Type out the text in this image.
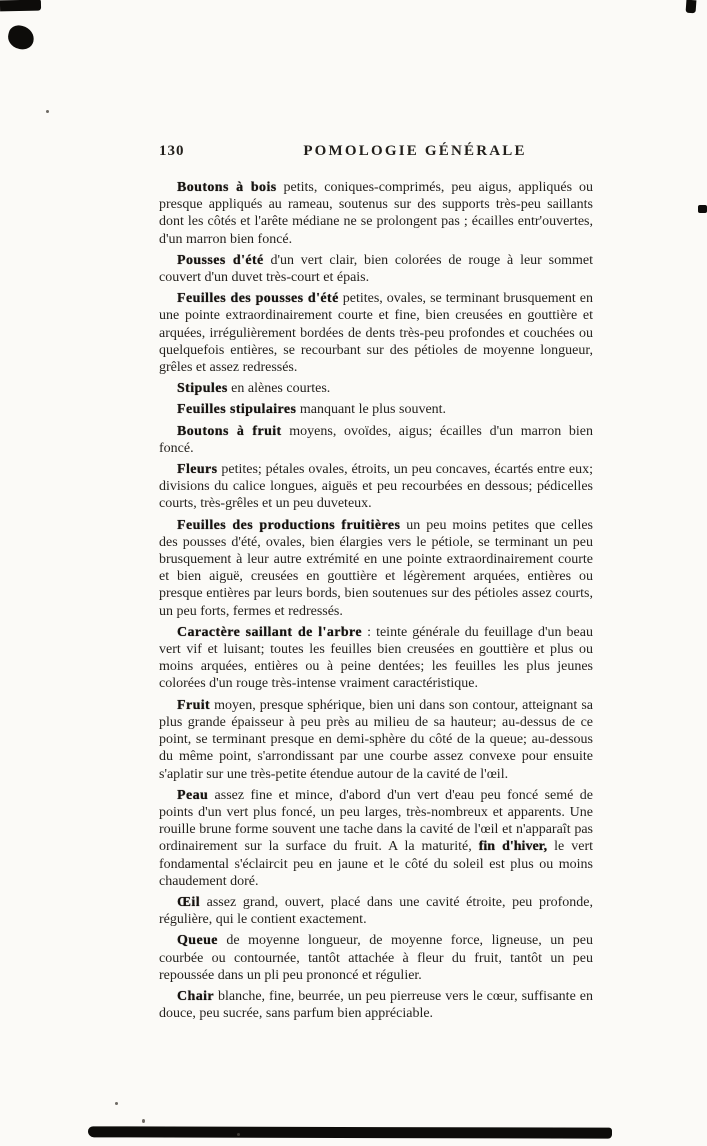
130	POMOLOGIE GÉNÉRALE

Boutons à bois petits, coniques-comprimés, peu aigus, appliqués ou presque appliqués au rameau, soutenus sur des supports très-peu saillants dont les côtés et l'arête médiane ne se prolongent pas ; écailles entr'ouvertes, d'un marron bien foncé.

Pousses d'été d'un vert clair, bien colorées de rouge à leur sommet couvert d'un duvet très-court et épais.

Feuilles des pousses d'été petites, ovales, se terminant brusquement en une pointe extraordinairement courte et fine, bien creusées en gouttière et arquées, irrégulièrement bordées de dents très-peu profondes et couchées ou quelquefois entières, se recourbant sur des pétioles de moyenne longueur, grêles et assez redressés.

Stipules en alènes courtes.

Feuilles stipulaires manquant le plus souvent.

Boutons à fruit moyens, ovoïdes, aigus; écailles d'un marron bien foncé.

Fleurs petites; pétales ovales, étroits, un peu concaves, écartés entre eux; divisions du calice longues, aiguës et peu recourbées en dessous; pédicelles courts, très-grêles et un peu duveteux.

Feuilles des productions fruitières un peu moins petites que celles des pousses d'été, ovales, bien élargies vers le pétiole, se terminant un peu brusquement à leur autre extrémité en une pointe extraordinairement courte et bien aiguë, creusées en gouttière et légèrement arquées, entières ou presque entières par leurs bords, bien soutenues sur des pétioles assez courts, un peu forts, fermes et redressés.

Caractère saillant de l'arbre : teinte générale du feuillage d'un beau vert vif et luisant; toutes les feuilles bien creusées en gouttière et plus ou moins arquées, entières ou à peine dentées; les feuilles les plus jeunes colorées d'un rouge très-intense vraiment caractéristique.

Fruit moyen, presque sphérique, bien uni dans son contour, atteignant sa plus grande épaisseur à peu près au milieu de sa hauteur; au-dessus de ce point, se terminant presque en demi-sphère du côté de la queue; au-dessous du même point, s'arrondissant par une courbe assez convexe pour ensuite s'aplatir sur une très-petite étendue autour de la cavité de l'œil.

Peau assez fine et mince, d'abord d'un vert d'eau peu foncé semé de points d'un vert plus foncé, un peu larges, très-nombreux et apparents. Une rouille brune forme souvent une tache dans la cavité de l'œil et n'apparaît pas ordinairement sur la surface du fruit. A la maturité, fin d'hiver, le vert fondamental s'éclaircit peu en jaune et le côté du soleil est plus ou moins chaudement doré.

Œil assez grand, ouvert, placé dans une cavité étroite, peu profonde, régulière, qui le contient exactement.

Queue de moyenne longueur, de moyenne force, ligneuse, un peu courbée ou contournée, tantôt attachée à fleur du fruit, tantôt un peu repoussée dans un pli peu prononcé et régulier.

Chair blanche, fine, beurrée, un peu pierreuse vers le cœur, suffisante en douce, peu sucrée, sans parfum bien appréciable.
